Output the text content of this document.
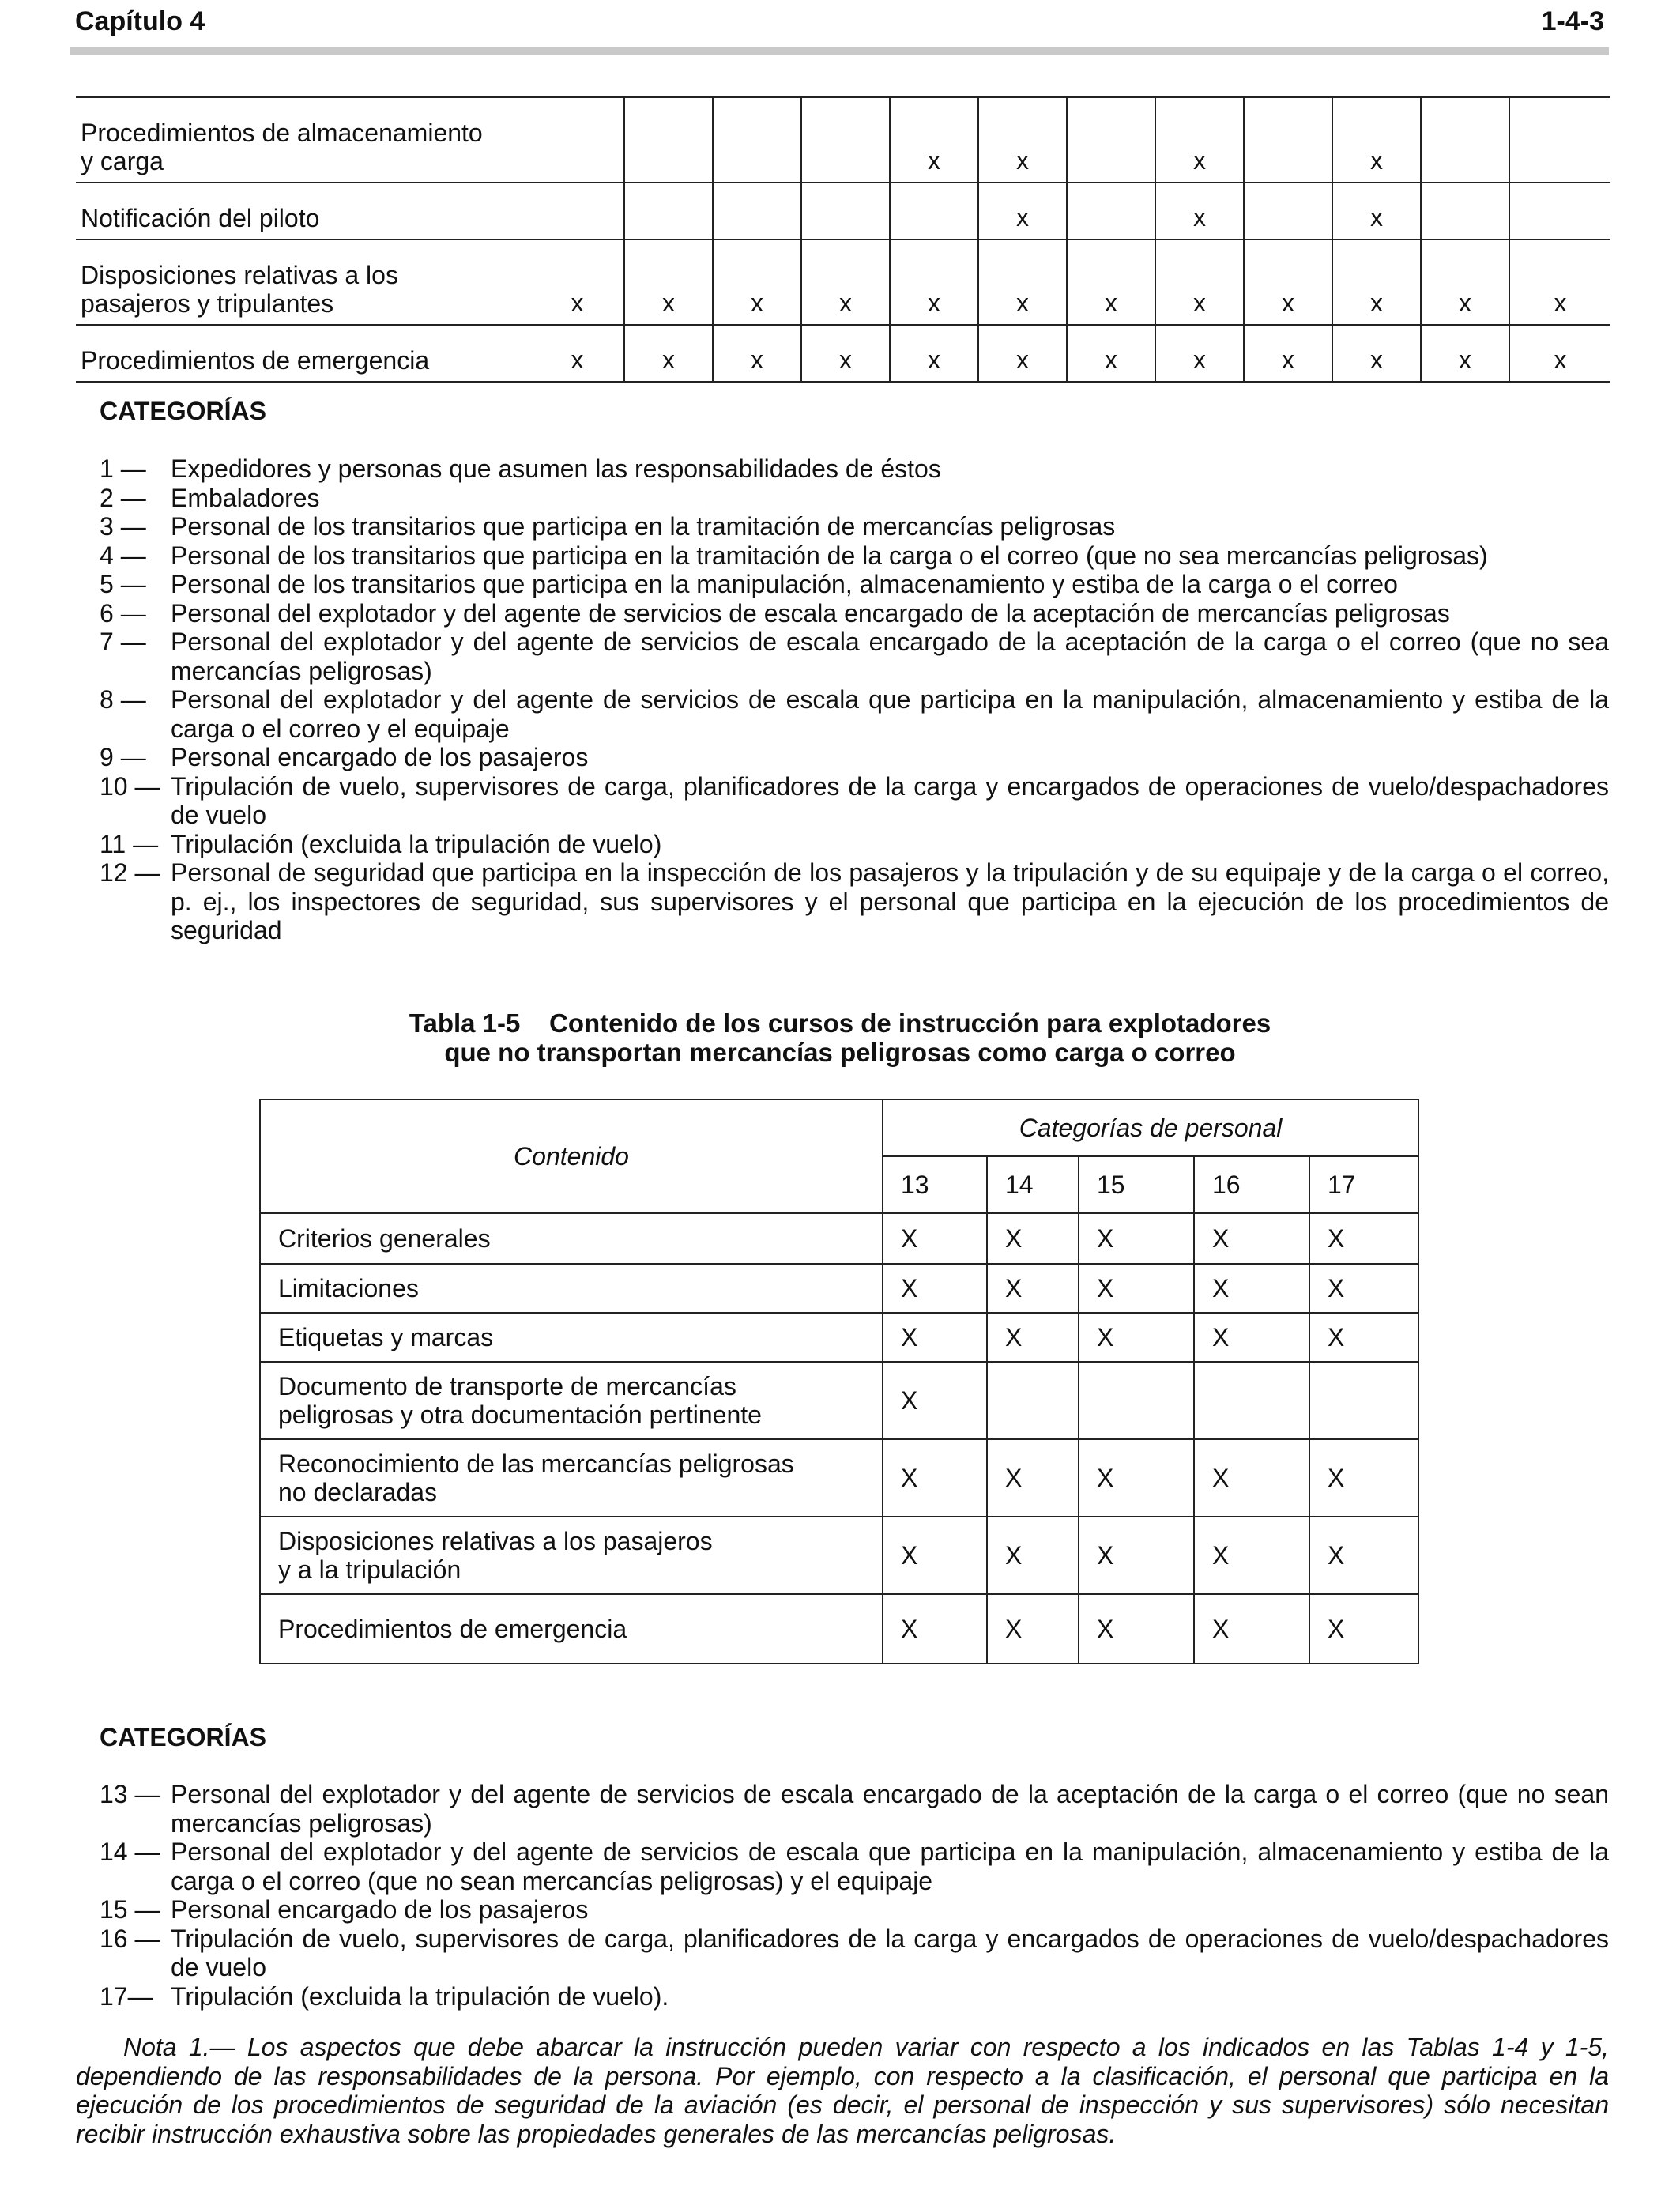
Capítulo 4	1-4-3
Procedimientos de almacenamiento
y carga					x	x		x		x		

Notificación del piloto						x		x		x		

Disposiciones relativas a los
pasajeros y tripulantes	x	x	x	x	x	x	x	x	x	x	x	x

Procedimientos de emergencia	x	x	x	x	x	x	x	x	x	x	x	x
CATEGORÍAS
1 — Expedidores y personas que asumen las responsabilidades de éstos
2 — Embaladores
3 — Personal de los transitarios que participa en la tramitación de mercancías peligrosas
4 — Personal de los transitarios que participa en la tramitación de la carga o el correo (que no sea mercancías peligrosas)
5 — Personal de los transitarios que participa en la manipulación, almacenamiento y estiba de la carga o el correo
6 — Personal del explotador y del agente de servicios de escala encargado de la aceptación de mercancías peligrosas
7 — Personal del explotador y del agente de servicios de escala encargado de la aceptación de la carga o el correo (que no sea mercancías peligrosas)
8 — Personal del explotador y del agente de servicios de escala que participa en la manipulación, almacenamiento y estiba de la carga o el correo y el equipaje
9 — Personal encargado de los pasajeros
10 — Tripulación de vuelo, supervisores de carga, planificadores de la carga y encargados de operaciones de vuelo/despachadores de vuelo
11 — Tripulación (excluida la tripulación de vuelo)
12 — Personal de seguridad que participa en la inspección de los pasajeros y la tripulación y de su equipaje y de la carga o el correo, p. ej., los inspectores de seguridad, sus supervisores y el personal que participa en la ejecución de los procedimientos de seguridad
Tabla 1-5    Contenido de los cursos de instrucción para explotadores
que no transportan mercancías peligrosas como carga o correo
Contenido	Categorías de personal				
	13	14	15	16	17

Criterios generales	X	X	X	X	X

Limitaciones	X	X	X	X	X

Etiquetas y marcas	X	X	X	X	X

Documento de transporte de mercancías
peligrosas y otra documentación pertinente	X				

Reconocimiento de las mercancías peligrosas
no declaradas	X	X	X	X	X

Disposiciones relativas a los pasajeros
y a la tripulación	X	X	X	X	X

Procedimientos de emergencia	X	X	X	X	X
CATEGORÍAS
13 — Personal del explotador y del agente de servicios de escala encargado de la aceptación de la carga o el correo (que no sean mercancías peligrosas)
14 — Personal del explotador y del agente de servicios de escala que participa en la manipulación, almacenamiento y estiba de la carga o el correo (que no sean mercancías peligrosas) y el equipaje
15 — Personal encargado de los pasajeros
16 — Tripulación de vuelo, supervisores de carga, planificadores de la carga y encargados de operaciones de vuelo/despachadores de vuelo
17— Tripulación (excluida la tripulación de vuelo).
Nota 1.— Los aspectos que debe abarcar la instrucción pueden variar con respecto a los indicados en las Tablas 1-4 y 1-5, dependiendo de las responsabilidades de la persona. Por ejemplo, con respecto a la clasificación, el personal que participa en la ejecución de los procedimientos de seguridad de la aviación (es decir, el personal de inspección y sus supervisores) sólo necesitan recibir instrucción exhaustiva sobre las propiedades generales de las mercancías peligrosas.
